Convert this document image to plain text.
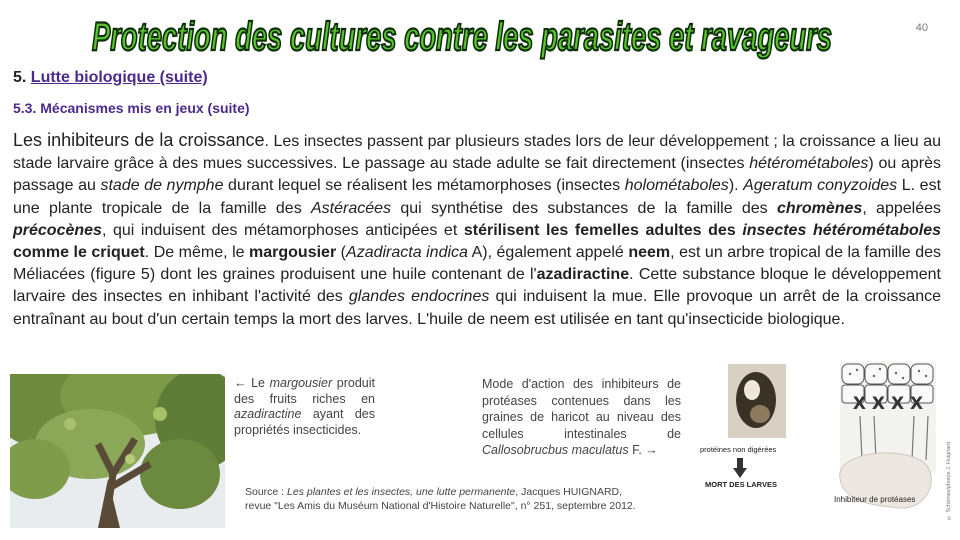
Protection des cultures contre les parasites et ravageurs	40
5. Lutte biologique (suite)
5.3. Mécanismes mis en jeux (suite)
Les inhibiteurs de la croissance. Les insectes passent par plusieurs stades lors de leur développement ; la croissance a lieu au stade larvaire grâce à des mues successives. Le passage au stade adulte se fait directement (insectes hétérométaboles) ou après passage au stade de nymphe durant lequel se réalisent les métamorphoses (insectes holométaboles). Ageratum conyzoides L. est une plante tropicale de la famille des Astéracées qui synthétise des substances de la famille des chromènes, appelées précocènes, qui induisent des métamorphoses anticipées et stérilisent les femelles adultes des insectes hétérométaboles comme le criquet. De même, le margousier (Azadiracta indica A), également appelé neem, est un arbre tropical de la famille des Méliacées (figure 5) dont les graines produisent une huile contenant de l'azadiractine. Cette substance bloque le développement larvaire des insectes en inhibant l'activité des glandes endocrines qui induisent la mue. Elle provoque un arrêt de la croissance entraînant au bout d'un certain temps la mort des larves. L'huile de neem est utilisée en tant qu'insecticide biologique.
← Le margousier produit des fruits riches en azadiractine ayant des propriétés insecticides.
Mode d'action des inhibiteurs de protéases contenues dans les graines de haricot au niveau des cellules intestinales de Callosobrucbus maculatus F. →
X X X X
protéines non digérées
MORT DES LARVES
Inhibiteur de protéases	© Schémas/photos J. Huignard
Source : Les plantes et les insectes, une lutte permanente, Jacques HUIGNARD,
revue "Les Amis du Muséum National d'Histoire Naturelle", n° 251, septembre 2012.
